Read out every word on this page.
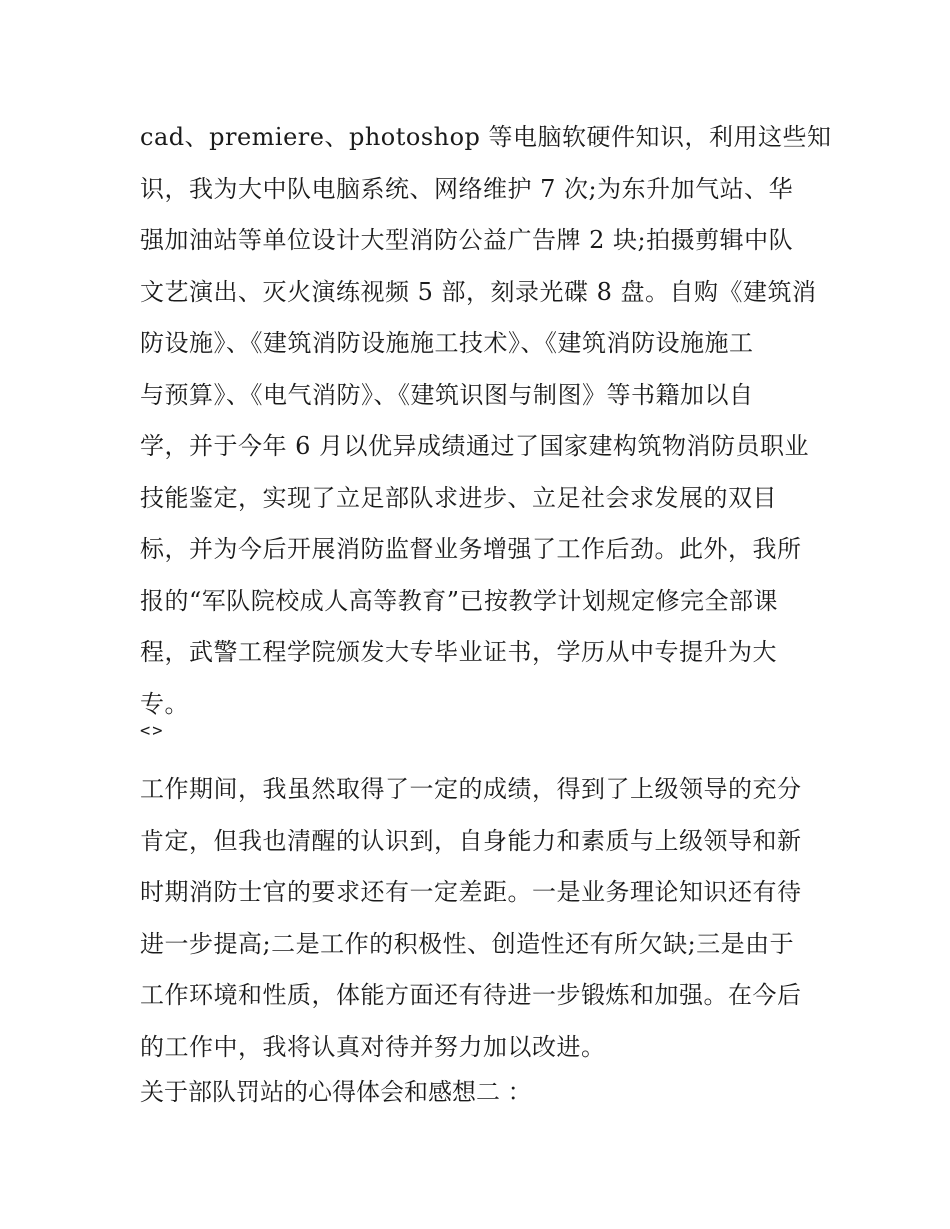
cad、premiere、photoshop 等电脑软硬件知识，利用这些知
识，我为大中队电脑系统、网络维护 7 次;为东升加气站、华
强加油站等单位设计大型消防公益广告牌 2 块;拍摄剪辑中队
文艺演出、灭火演练视频 5 部，刻录光碟 8 盘。自购《建筑消
防设施》、《建筑消防设施施工技术》、《建筑消防设施施工
与预算》、《电气消防》、《建筑识图与制图》等书籍加以自
学，并于今年 6 月以优异成绩通过了国家建构筑物消防员职业
技能鉴定，实现了立足部队求进步、立足社会求发展的双目
标，并为今后开展消防监督业务增强了工作后劲。此外，我所
报的“军队院校成人高等教育”已按教学计划规定修完全部课
程，武警工程学院颁发大专毕业证书，学历从中专提升为大
专。
<>
工作期间，我虽然取得了一定的成绩，得到了上级领导的充分
肯定，但我也清醒的认识到，自身能力和素质与上级领导和新
时期消防士官的要求还有一定差距。一是业务理论知识还有待
进一步提高;二是工作的积极性、创造性还有所欠缺;三是由于
工作环境和性质，体能方面还有待进一步锻炼和加强。在今后
的工作中，我将认真对待并努力加以改进。
关于部队罚站的心得体会和感想二 ：
